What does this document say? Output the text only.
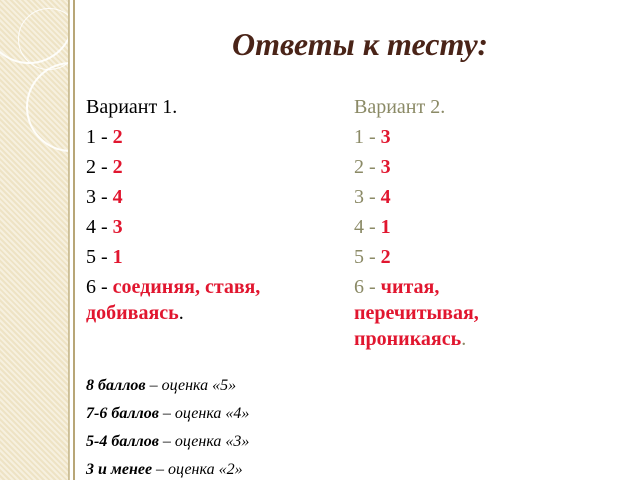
Ответы к тесту:
Вариант 1.
1 - 2
2 - 2
3 - 4
4 - 3
5 - 1
6 - соединяя, ставя, добиваясь.
Вариант 2.
1 - 3
2 - 3
3 - 4
4 - 1
5 - 2
6 - читая, перечитывая, проникаясь.
8 баллов – оценка «5»
7-6 баллов – оценка «4»
5-4 баллов – оценка «3»
3 и менее – оценка «2»
